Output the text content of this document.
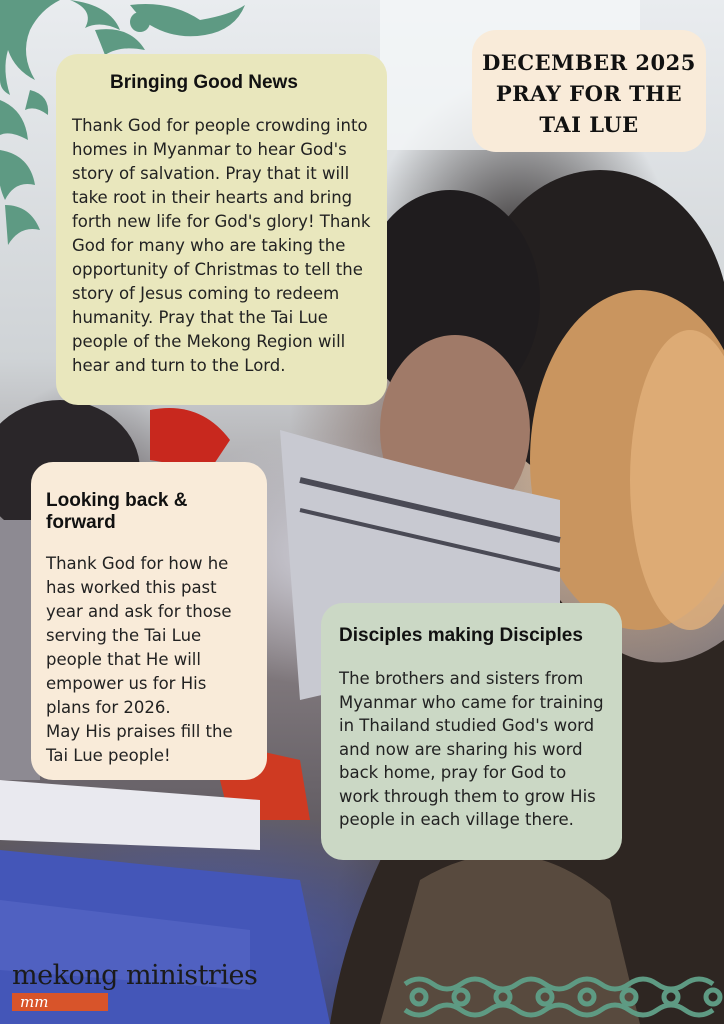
DECEMBER 2025
PRAY FOR THE
TAI LUE
Bringing Good News

Thank God for people crowding into
homes in Myanmar to hear God's
story of salvation. Pray that it will
take root in their hearts and bring
forth new life for God's glory! Thank
God for many who are taking the
opportunity of Christmas to tell the
story of Jesus coming to redeem
humanity. Pray that the Tai Lue
people of the Mekong Region will
hear and turn to the Lord.

Looking back & forward

Thank God for how he
has worked this past
year and ask for those
serving the Tai Lue
people that He will
empower us for His
plans for 2026.
May His praises fill the
Tai Lue people!

Disciples making Disciples

The brothers and sisters from
Myanmar who came for training
in Thailand studied God's word
and now are sharing his word
back home, pray for God to
work through them to grow His
people in each village there.

mekong ministries
mm
